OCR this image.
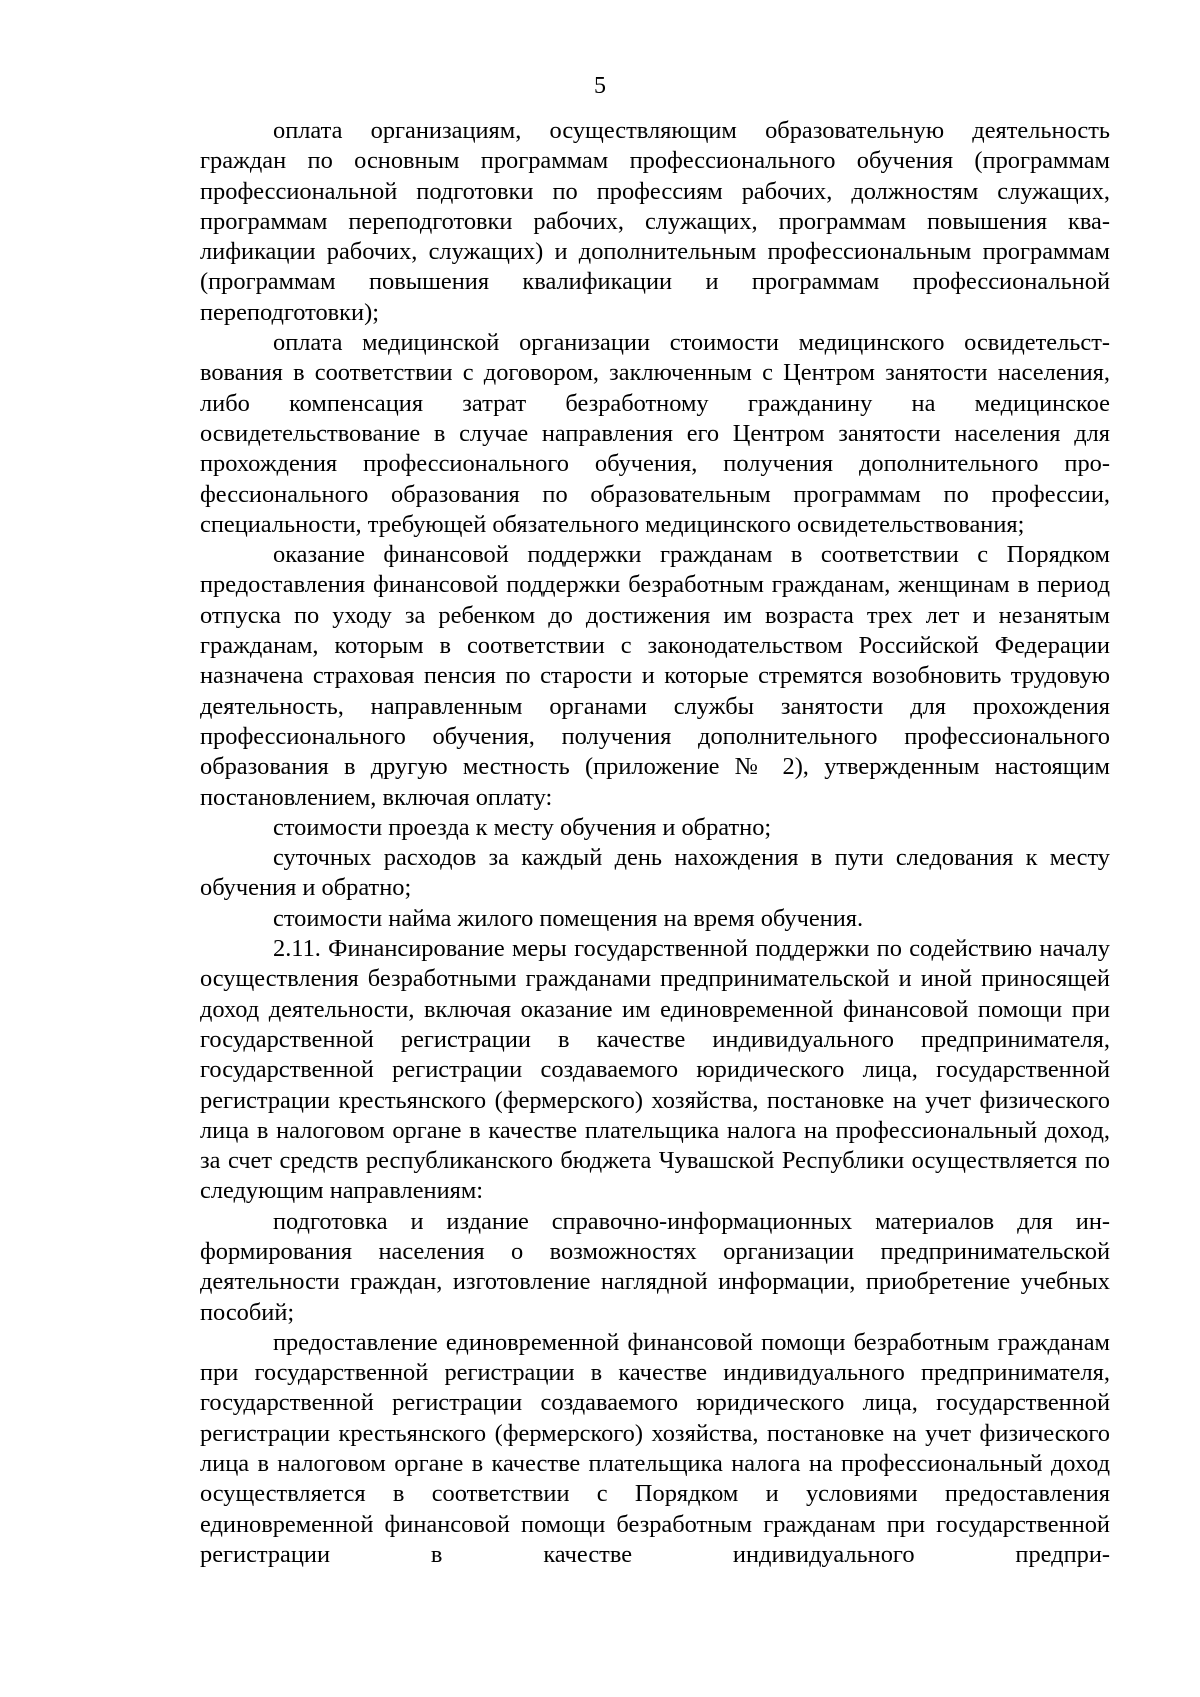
5

оплата организациям, осуществляющим образовательную деятельность граждан по основным программам профессионального обучения (программам профессиональной подготовки по профессиям рабочих, должностям служащих, программам переподготовки рабочих, служащих, программам повышения квалификации рабочих, служащих) и дополнительным профессиональным программам (программам повышения квалификации и программам профессиональной переподготовки);

оплата медицинской организации стоимости медицинского освидетельствования в соответствии с договором, заключенным с Центром занятости населения, либо компенсация затрат безработному гражданину на медицинское освидетельствование в случае направления его Центром занятости населения для прохождения профессионального обучения, получения дополнительного профессионального образования по образовательным программам по профессии, специальности, требующей обязательного медицинского освидетельствования;

оказание финансовой поддержки гражданам в соответствии с Порядком предоставления финансовой поддержки безработным гражданам, женщинам в период отпуска по уходу за ребенком до достижения им возраста трех лет и незанятым гражданам, которым в соответствии с законодательством Российской Федерации назначена страховая пенсия по старости и которые стремятся возобновить трудовую деятельность, направленным органами службы занятости для прохождения профессионального обучения, получения дополнительного профессионального образования в другую местность (приложение № 2), утвержденным настоящим постановлением, включая оплату:

стоимости проезда к месту обучения и обратно;

суточных расходов за каждый день нахождения в пути следования к месту обучения и обратно;

стоимости найма жилого помещения на время обучения.

2.11. Финансирование меры государственной поддержки по содействию началу осуществления безработными гражданами предпринимательской и иной приносящей доход деятельности, включая оказание им единовременной финансовой помощи при государственной регистрации в качестве индивидуального предпринимателя, государственной регистрации создаваемого юридического лица, государственной регистрации крестьянского (фермерского) хозяйства, постановке на учет физического лица в налоговом органе в качестве плательщика налога на профессиональный доход, за счет средств республиканского бюджета Чувашской Республики осуществляется по следующим направлениям:

подготовка и издание справочно-информационных материалов для информирования населения о возможностях организации предпринимательской деятельности граждан, изготовление наглядной информации, приобретение учебных пособий;

предоставление единовременной финансовой помощи безработным гражданам при государственной регистрации в качестве индивидуального предпринимателя, государственной регистрации создаваемого юридического лица, государственной регистрации крестьянского (фермерского) хозяйства, постановке на учет физического лица в налоговом органе в качестве плательщика налога на профессиональный доход осуществляется в соответствии с Порядком и условиями предоставления единовременной финансовой помощи безработным гражданам при государственной регистрации в качестве индивидуального предпри-
